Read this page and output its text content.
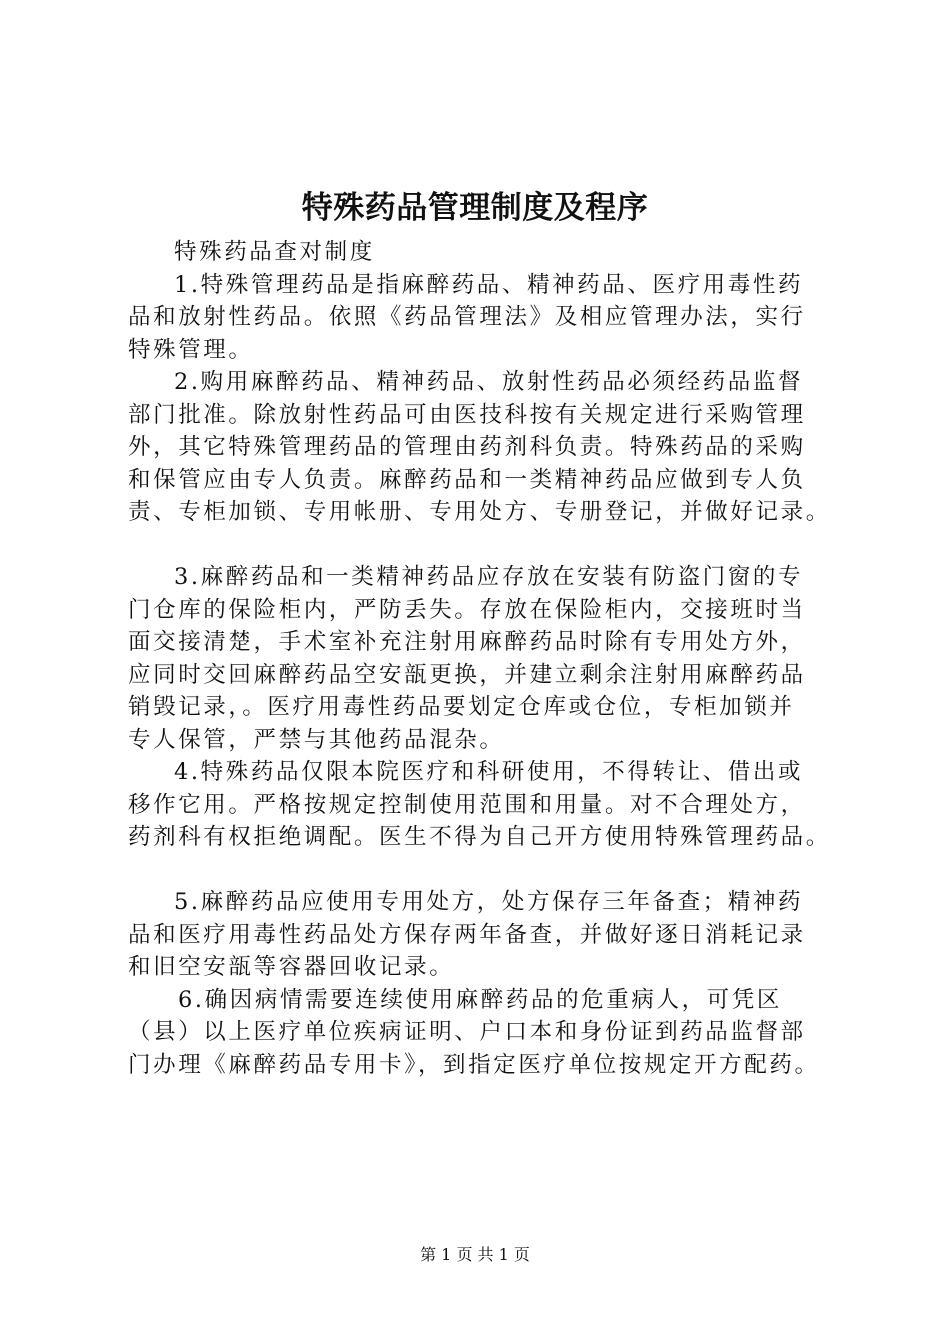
特殊药品管理制度及程序
特殊药品查对制度
1.特殊管理药品是指麻醉药品、精神药品、医疗用毒性药
品和放射性药品。依照《药品管理法》及相应管理办法，实行
特殊管理。
2.购用麻醉药品、精神药品、放射性药品必须经药品监督
部门批准。除放射性药品可由医技科按有关规定进行采购管理
外，其它特殊管理药品的管理由药剂科负责。特殊药品的采购
和保管应由专人负责。麻醉药品和一类精神药品应做到专人负
责、专柜加锁、专用帐册、专用处方、专册登记，并做好记录。
3.麻醉药品和一类精神药品应存放在安装有防盗门窗的专
门仓库的保险柜内，严防丢失。存放在保险柜内，交接班时当
面交接清楚，手术室补充注射用麻醉药品时除有专用处方外，
应同时交回麻醉药品空安瓿更换，并建立剩余注射用麻醉药品
销毁记录，。医疗用毒性药品要划定仓库或仓位，专柜加锁并
专人保管，严禁与其他药品混杂。
4.特殊药品仅限本院医疗和科研使用，不得转让、借出或
移作它用。严格按规定控制使用范围和用量。对不合理处方，
药剂科有权拒绝调配。医生不得为自己开方使用特殊管理药品。
5.麻醉药品应使用专用处方，处方保存三年备查；精神药
品和医疗用毒性药品处方保存两年备查，并做好逐日消耗记录
和旧空安瓿等容器回收记录。
6.确因病情需要连续使用麻醉药品的危重病人，可凭区
（县）以上医疗单位疾病证明、户口本和身份证到药品监督部
门办理《麻醉药品专用卡》，到指定医疗单位按规定开方配药。
第 1 页 共 1 页
